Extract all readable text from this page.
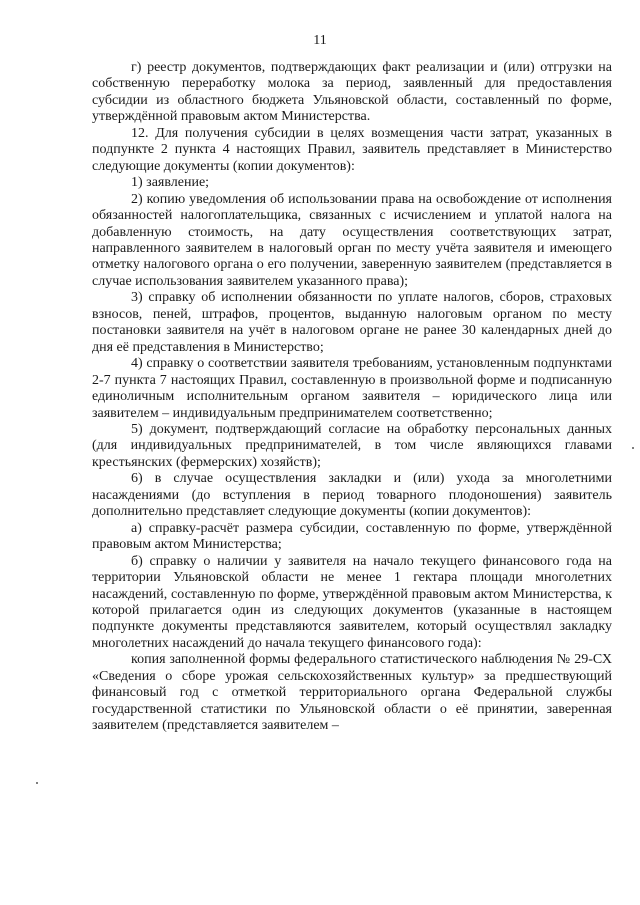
11

г) реестр документов, подтверждающих факт реализации и (или) отгрузки на собственную переработку молока за период, заявленный для предоставления субсидии из областного бюджета Ульяновской области, составленный по форме, утверждённой правовым актом Министерства.

12. Для получения субсидии в целях возмещения части затрат, указанных в подпункте 2 пункта 4 настоящих Правил, заявитель представляет в Министерство следующие документы (копии документов):

1) заявление;

2) копию уведомления об использовании права на освобождение от исполнения обязанностей налогоплательщика, связанных с исчислением и уплатой налога на добавленную стоимость, на дату осуществления соответствующих затрат, направленного заявителем в налоговый орган по месту учёта заявителя и имеющего отметку налогового органа о его получении, заверенную заявителем (представляется в случае использования заявителем указанного права);

3) справку об исполнении обязанности по уплате налогов, сборов, страховых взносов, пеней, штрафов, процентов, выданную налоговым органом по месту постановки заявителя на учёт в налоговом органе не ранее 30 календарных дней до дня её представления в Министерство;

4) справку о соответствии заявителя требованиям, установленным подпунктами 2-7 пункта 7 настоящих Правил, составленную в произвольной форме и подписанную единоличным исполнительным органом заявителя – юридического лица или заявителем – индивидуальным предпринимателем соответственно;

5) документ, подтверждающий согласие на обработку персональных данных (для индивидуальных предпринимателей, в том числе являющихся главами крестьянских (фермерских) хозяйств);

6) в случае осуществления закладки и (или) ухода за многолетними насаждениями (до вступления в период товарного плодоношения) заявитель дополнительно представляет следующие документы (копии документов):

а) справку-расчёт размера субсидии, составленную по форме, утверждённой правовым актом Министерства;

б) справку о наличии у заявителя на начало текущего финансового года на территории Ульяновской области не менее 1 гектара площади многолетних насаждений, составленную по форме, утверждённой правовым актом Министерства, к которой прилагается один из следующих документов (указанные в настоящем подпункте документы представляются заявителем, который осуществлял закладку многолетних насаждений до начала текущего финансового года):

копия заполненной формы федерального статистического наблюдения № 29-СХ «Сведения о сборе урожая сельскохозяйственных культур» за предшествующий финансовый год с отметкой территориального органа Федеральной службы государственной статистики по Ульяновской области о её принятии, заверенная заявителем (представляется заявителем –
